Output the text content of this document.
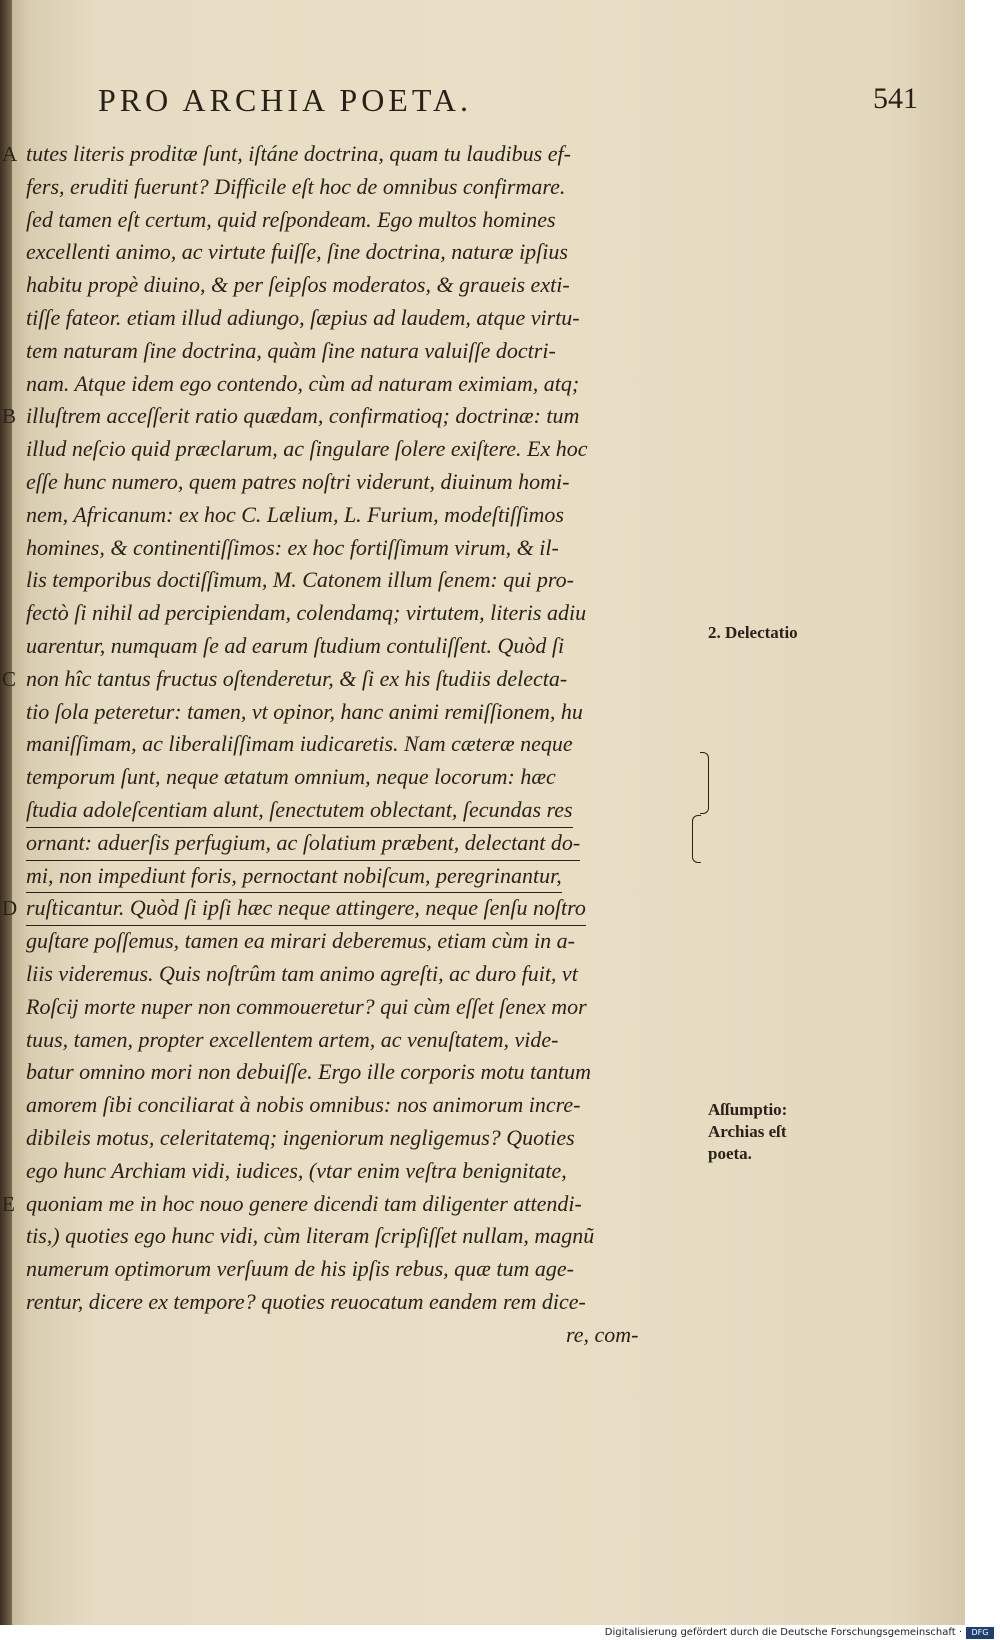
PRO ARCHIA POETA.	541
A tutes literis proditæ ſunt, iſtáne doctrina, quam tu laudibus ef-
fers, eruditi fuerunt? Difficile eſt hoc de omnibus confirmare.
ſed tamen eſt certum, quid reſpondeam. Ego multos homines
excellenti animo, ac virtute fuiſſe, ſine doctrina, naturæ ipſius
habitu propè diuino, & per ſeipſos moderatos, & graueis exti-
tiſſe fateor. etiam illud adiungo, ſæpius ad laudem, atque virtu-
tem naturam ſine doctrina, quàm ſine natura valuiſſe doctri-
nam. Atque idem ego contendo, cùm ad naturam eximiam, atq;
B illuſtrem acceſſerit ratio quædam, confirmatioq; doctrinæ: tum
illud neſcio quid præclarum, ac ſingulare ſolere exiſtere. Ex hoc
eſſe hunc numero, quem patres noſtri viderunt, diuinum homi-
nem, Africanum: ex hoc C. Lælium, L. Furium, modeſtiſſimos
homines, & continentiſſimos: ex hoc fortiſſimum virum, & il-
lis temporibus doctiſſimum, M. Catonem illum ſenem: qui pro-
fectò ſi nihil ad percipiendam, colendamq; virtutem, literis adiu
uarentur, numquam ſe ad earum ſtudium contuliſſent. Quòd ſi
C non hîc tantus fructus oſtenderetur, & ſi ex his ſtudiis delecta-
tio ſola peteretur: tamen, vt opinor, hanc animi remiſſionem, hu
maniſſimam, ac liberaliſſimam iudicaretis. Nam cæteræ neque
temporum ſunt, neque ætatum omnium, neque locorum: hæc
ſtudia adoleſcentiam alunt, ſenectutem oblectant, ſecundas res
ornant: aduerſis perfugium, ac ſolatium præbent, delectant do-
mi, non impediunt foris, pernoctant nobiſcum, peregrinantur,
D ruſticantur. Quòd ſi ipſi hæc neque attingere, neque ſenſu noſtro
guſtare poſſemus, tamen ea mirari deberemus, etiam cùm in a-
liis videremus. Quis noſtrûm tam animo agreſti, ac duro fuit, vt
Roſcij morte nuper non commoueretur? qui cùm eſſet ſenex mor
tuus, tamen, propter excellentem artem, ac venuſtatem, vide-
batur omnino mori non debuiſſe. Ergo ille corporis motu tantum
amorem ſibi conciliarat à nobis omnibus: nos animorum incre-
dibileis motus, celeritatemq; ingeniorum negligemus? Quoties
ego hunc Archiam vidi, iudices, (vtar enim veſtra benignitate,
E quoniam me in hoc nouo genere dicendi tam diligenter attendi-
tis,) quoties ego hunc vidi, cùm literam ſcripſiſſet nullam, magnũ
numerum optimorum verſuum de his ipſis rebus, quæ tum age-
rentur, dicere ex tempore? quoties reuocatum eandem rem dice-
re, com-
2. Delectatio
Aſſumptio:
Archias eſt
poeta.
Digitalisierung gefördert durch die Deutsche Forschungsgemeinschaft ·	DFG
